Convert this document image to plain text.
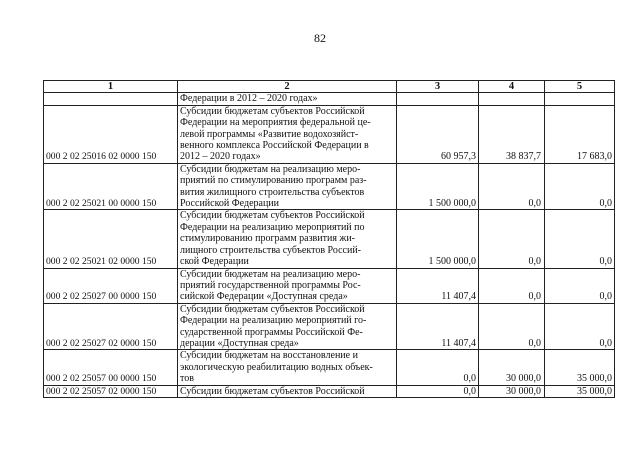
82
1	2	3	4	5
	Федерации в 2012 – 2020 годах»			
000 2 02 25016 02 0000 150	Субсидии бюджетам субъектов Российской
Федерации на мероприятия федеральной це-
левой программы «Развитие водохозяйст-
венного комплекса Российской Федерации в
2012 – 2020 годах»	60 957,3	38 837,7	17 683,0
000 2 02 25021 00 0000 150	Субсидии бюджетам на реализацию меро-
приятий по стимулированию программ раз-
вития жилищного строительства субъектов
Российской Федерации	1 500 000,0	0,0	0,0
000 2 02 25021 02 0000 150	Субсидии бюджетам субъектов Российской
Федерации на реализацию мероприятий по
стимулированию программ развития жи-
лищного строительства субъектов Россий-
ской Федерации	1 500 000,0	0,0	0,0
000 2 02 25027 00 0000 150	Субсидии бюджетам на реализацию меро-
приятий государственной программы Рос-
сийской Федерации «Доступная среда»	11 407,4	0,0	0,0
000 2 02 25027 02 0000 150	Субсидии бюджетам субъектов Российской
Федерации на реализацию мероприятий го-
сударственной программы Российской Фе-
дерации «Доступная среда»	11 407,4	0,0	0,0
000 2 02 25057 00 0000 150	Субсидии бюджетам на восстановление и
экологическую реабилитацию водных объек-
тов	0,0	30 000,0	35 000,0
000 2 02 25057 02 0000 150	Субсидии бюджетам субъектов Российской	0,0	30 000,0	35 000,0
